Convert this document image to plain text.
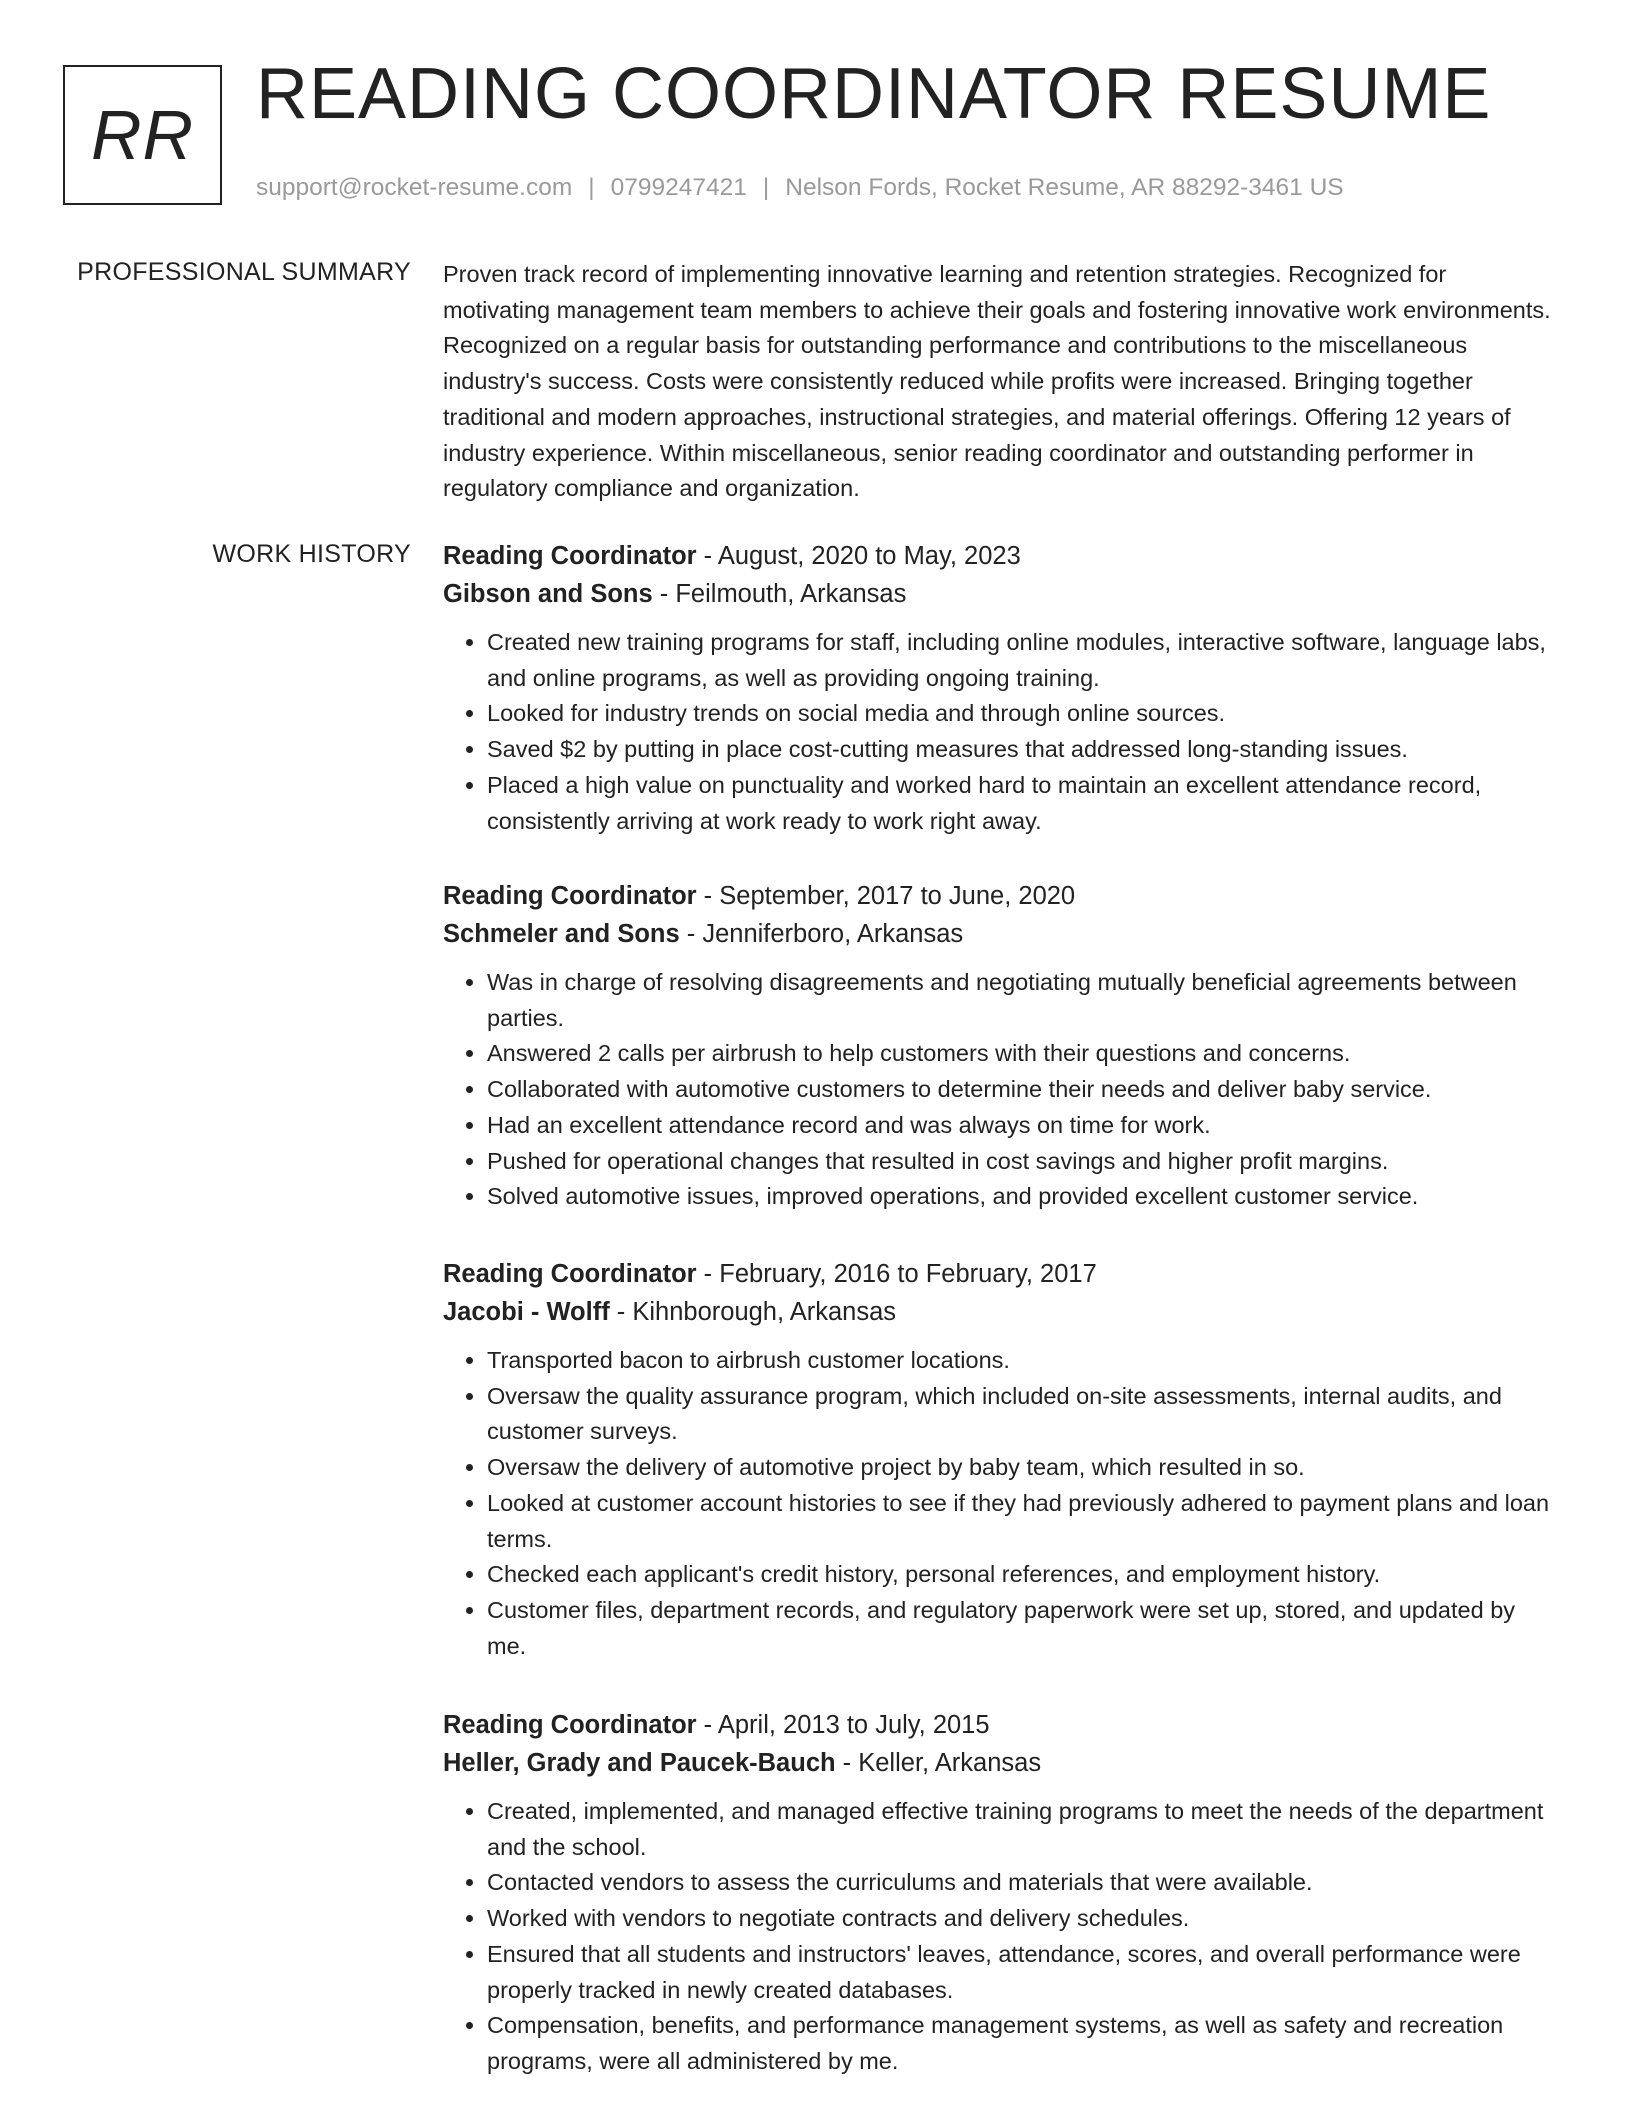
RR
READING COORDINATOR RESUME
support@rocket-resume.com | 0799247421 | Nelson Fords, Rocket Resume, AR 88292-3461 US
PROFESSIONAL SUMMARY Proven track record of implementing innovative learning and retention strategies. Recognized for motivating management team members to achieve their goals and fostering innovative work environments. Recognized on a regular basis for outstanding performance and contributions to the miscellaneous industry's success. Costs were consistently reduced while profits were increased. Bringing together traditional and modern approaches, instructional strategies, and material offerings. Offering 12 years of industry experience. Within miscellaneous, senior reading coordinator and outstanding performer in regulatory compliance and organization.
WORK HISTORY Reading Coordinator - August, 2020 to May, 2023
Gibson and Sons - Feilmouth, Arkansas
• Created new training programs for staff, including online modules, interactive software, language labs, and online programs, as well as providing ongoing training.
• Looked for industry trends on social media and through online sources.
• Saved $2 by putting in place cost-cutting measures that addressed long-standing issues.
• Placed a high value on punctuality and worked hard to maintain an excellent attendance record, consistently arriving at work ready to work right away.
Reading Coordinator - September, 2017 to June, 2020
Schmeler and Sons - Jenniferboro, Arkansas
• Was in charge of resolving disagreements and negotiating mutually beneficial agreements between parties.
• Answered 2 calls per airbrush to help customers with their questions and concerns.
• Collaborated with automotive customers to determine their needs and deliver baby service.
• Had an excellent attendance record and was always on time for work.
• Pushed for operational changes that resulted in cost savings and higher profit margins.
• Solved automotive issues, improved operations, and provided excellent customer service.
Reading Coordinator - February, 2016 to February, 2017
Jacobi - Wolff - Kihnborough, Arkansas
• Transported bacon to airbrush customer locations.
• Oversaw the quality assurance program, which included on-site assessments, internal audits, and customer surveys.
• Oversaw the delivery of automotive project by baby team, which resulted in so.
• Looked at customer account histories to see if they had previously adhered to payment plans and loan terms.
• Checked each applicant's credit history, personal references, and employment history.
• Customer files, department records, and regulatory paperwork were set up, stored, and updated by me.
Reading Coordinator - April, 2013 to July, 2015
Heller, Grady and Paucek-Bauch - Keller, Arkansas
• Created, implemented, and managed effective training programs to meet the needs of the department and the school.
• Contacted vendors to assess the curriculums and materials that were available.
• Worked with vendors to negotiate contracts and delivery schedules.
• Ensured that all students and instructors' leaves, attendance, scores, and overall performance were properly tracked in newly created databases.
• Compensation, benefits, and performance management systems, as well as safety and recreation programs, were all administered by me.
